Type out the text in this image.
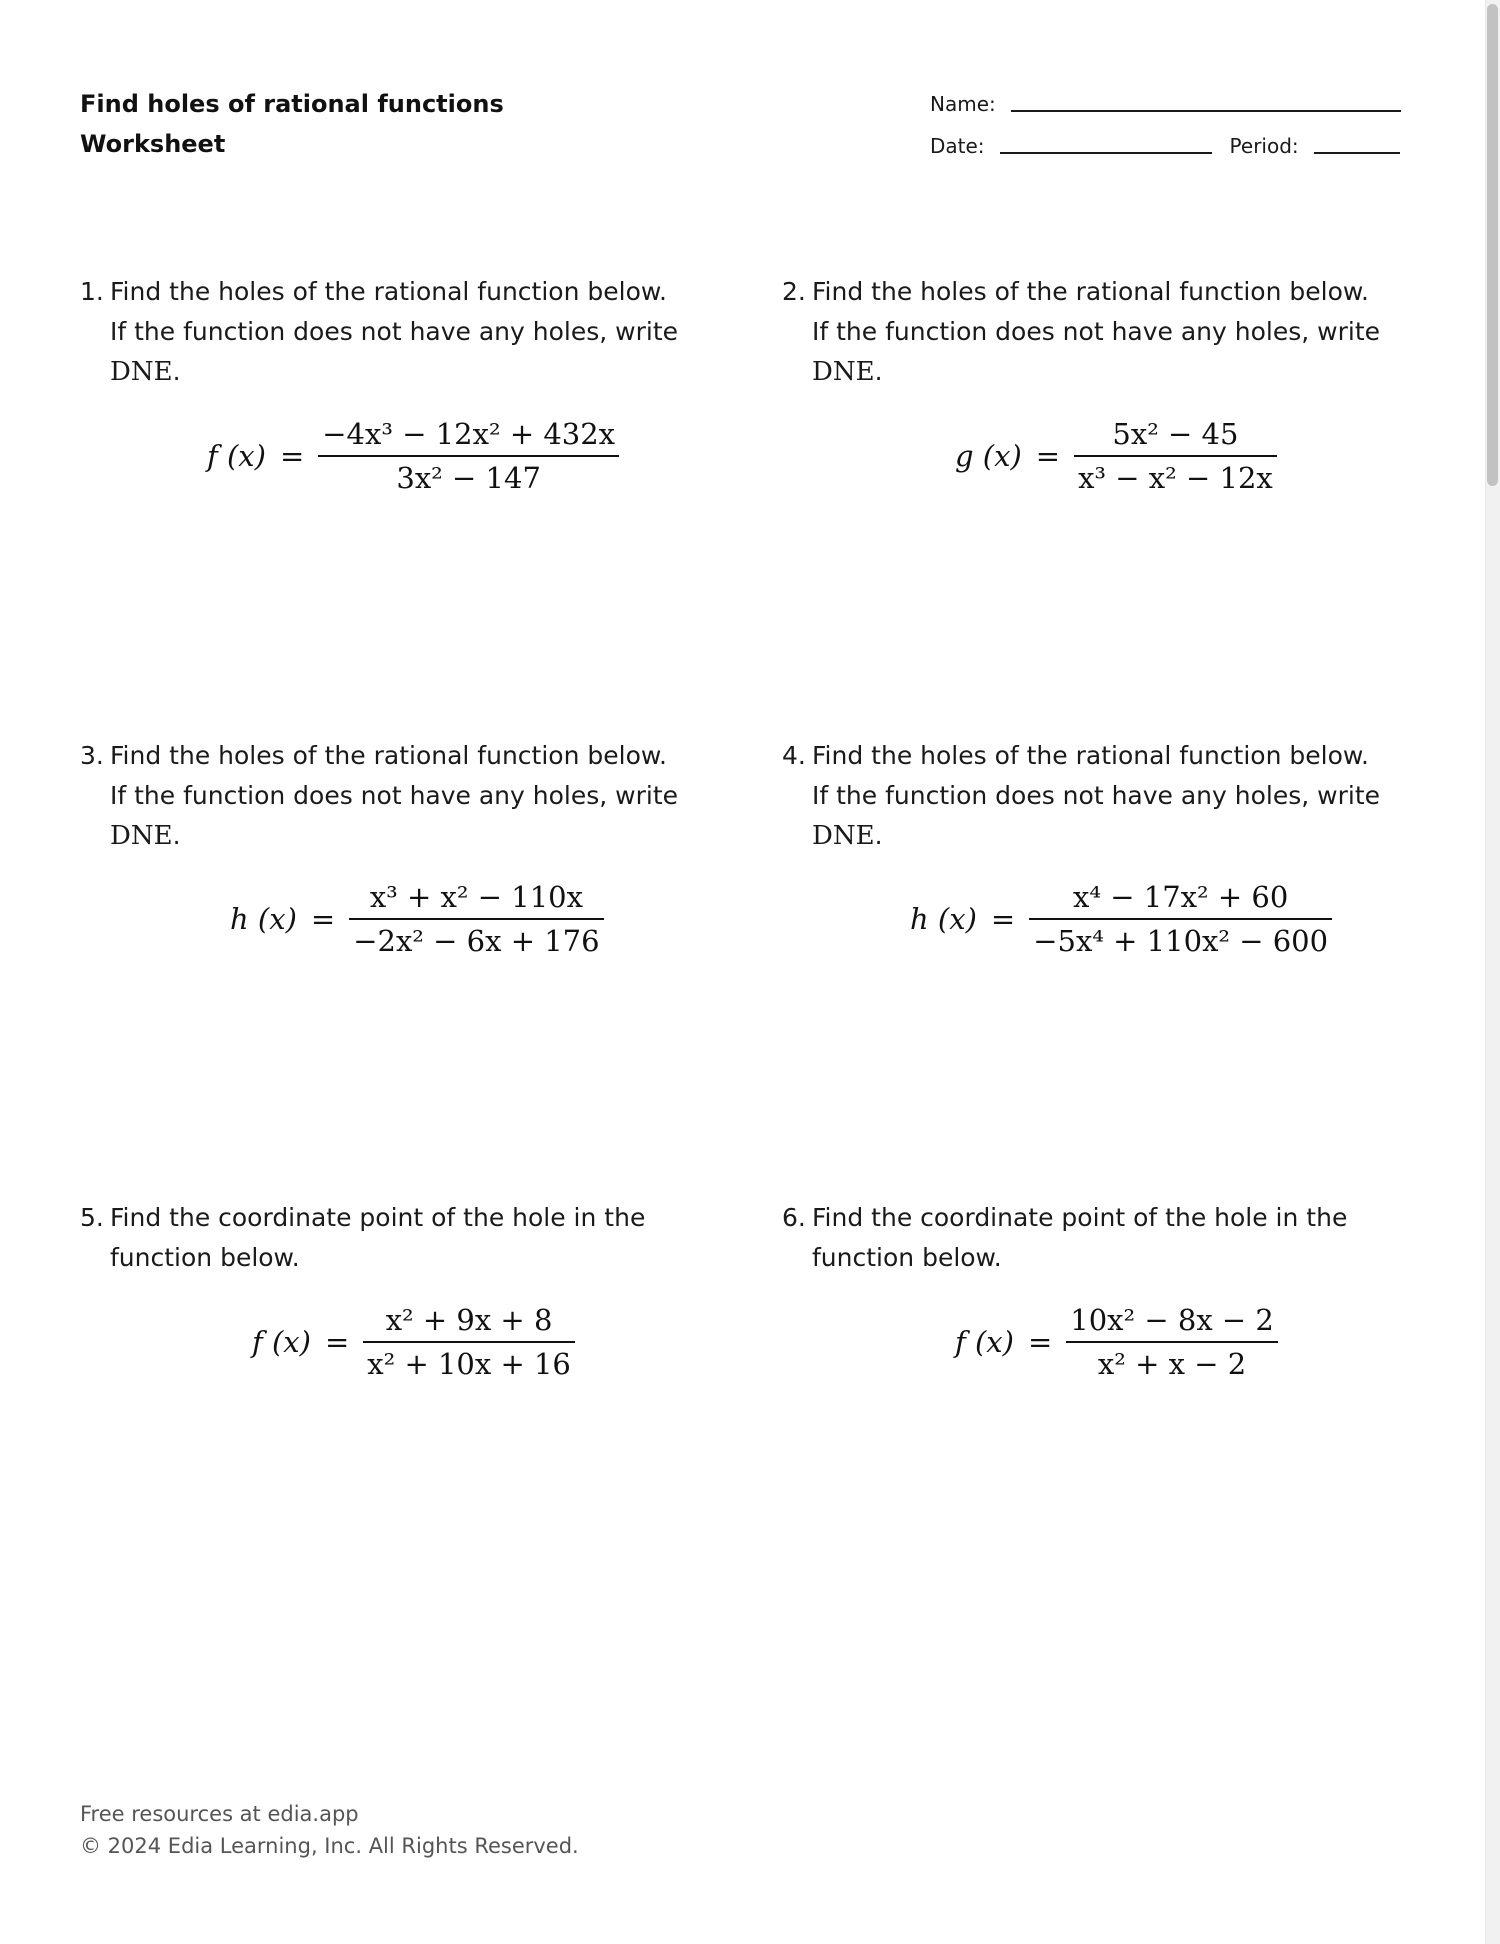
Find holes of rational functions
Worksheet
Name:
Date:	Period:
1. Find the holes of the rational function below. If the function does not have any holes, write
DNE.
f $(x) = \frac{\text{−4x³ − 12x² + 432x}}{\text{3x² − 147}}$
2. Find the holes of the rational function below. If the function does not have any holes, write
DNE.
g $(x) = \frac{\text{5x² − 45}}{\text{x³ − x² − 12x}}$
3. Find the holes of the rational function below. If the function does not have any holes, write
DNE.
h $(x) = \frac{\text{x³ + x² − 110x}}{\text{−2x² − 6x + 176}}$
4. Find the holes of the rational function below. If the function does not have any holes, write
DNE.
h $(x) = \frac{\text{x⁴ − 17x² + 60}}{\text{−5x⁴ + 110x² − 600}}$
5. Find the coordinate point of the hole in the function below.
f $(x) = \frac{\text{x² + 9x + 8}}{\text{x² + 10x + 16}}$
6. Find the coordinate point of the hole in the function below.
f $(x) = \frac{\text{10x² − 8x − 2}}{\text{x² + x − 2}}$
Free resources at edia.app
© 2024 Edia Learning, Inc. All Rights Reserved.
